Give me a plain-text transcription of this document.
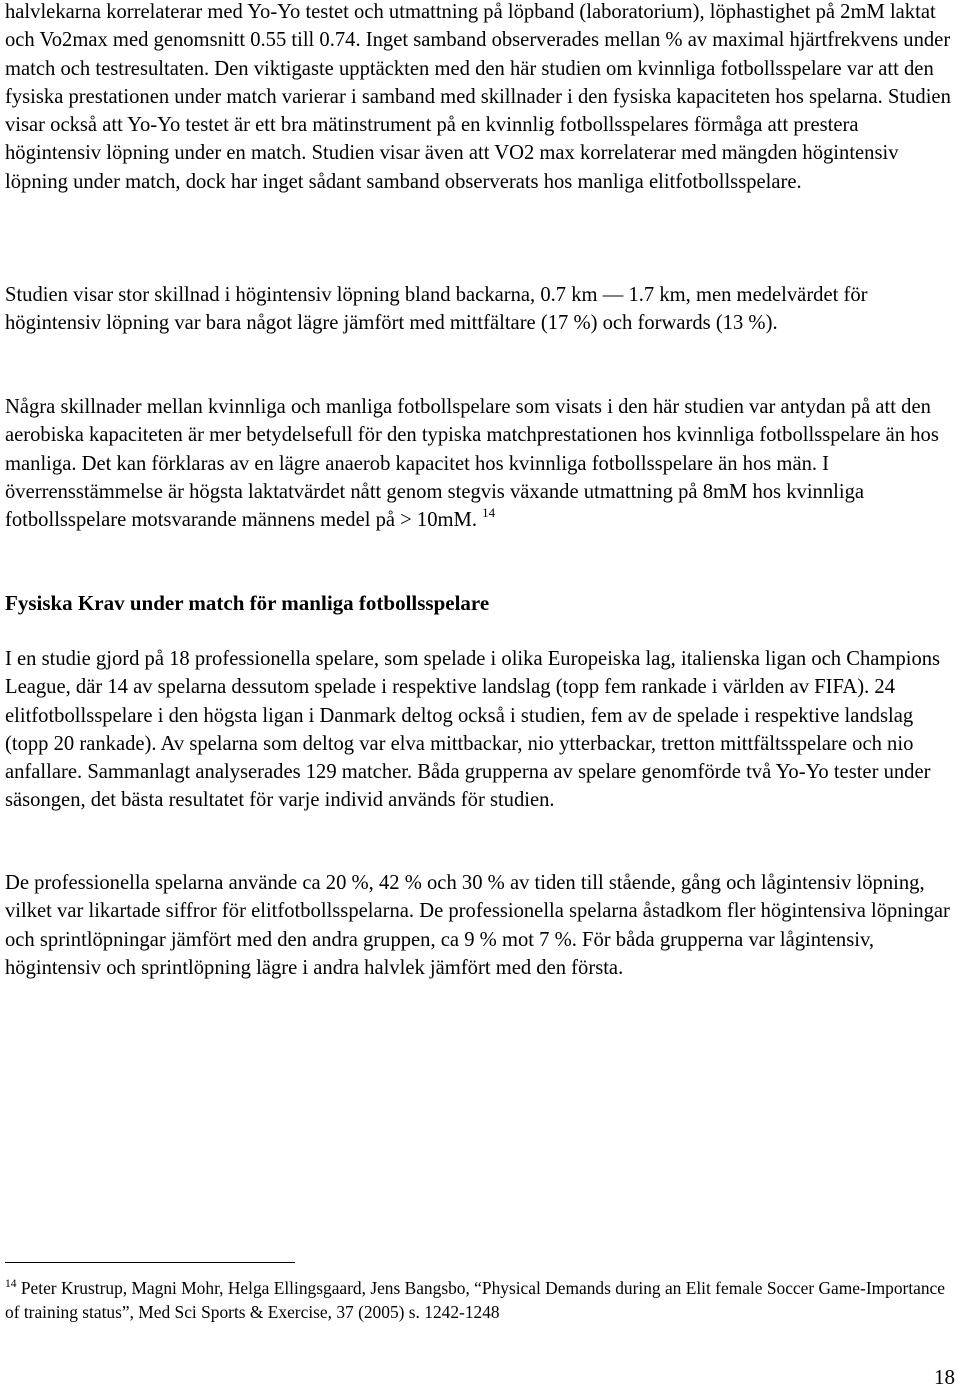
halvlekarna korrelaterar med Yo-Yo testet och utmattning på löpband (laboratorium), löphastighet på 2mM laktat och Vo2max med genomsnitt 0.55 till 0.74. Inget samband observerades mellan % av maximal hjärtfrekvens under match och testresultaten. Den viktigaste upptäckten med den här studien om kvinnliga fotbollsspelare var att den fysiska prestationen under match varierar i samband med skillnader i den fysiska kapaciteten hos spelarna. Studien visar också att Yo-Yo testet är ett bra mätinstrument på en kvinnlig fotbollsspelares förmåga att prestera högintensiv löpning under en match. Studien visar även att VO2 max korrelaterar med mängden högintensiv löpning under match, dock har inget sådant samband observerats hos manliga elitfotbollsspelare.

Studien visar stor skillnad i högintensiv löpning bland backarna, 0.7 km — 1.7 km, men medelvärdet för högintensiv löpning var bara något lägre jämfört med mittfältare (17 %) och forwards (13 %).

Några skillnader mellan kvinnliga och manliga fotbollspelare som visats i den här studien var antydan på att den aerobiska kapaciteten är mer betydelsefull för den typiska matchprestationen hos kvinnliga fotbollsspelare än hos manliga. Det kan förklaras av en lägre anaerob kapacitet hos kvinnliga fotbollsspelare än hos män. I överrensstämmelse är högsta laktatvärdet nått genom stegvis växande utmattning på 8mM hos kvinnliga fotbollsspelare motsvarande männens medel på > 10mM. $^{14}$

Fysiska Krav under match för manliga fotbollsspelare

I en studie gjord på 18 professionella spelare, som spelade i olika Europeiska lag, italienska ligan och Champions League, där 14 av spelarna dessutom spelade i respektive landslag (topp fem rankade i världen av FIFA). 24 elitfotbollsspelare i den högsta ligan i Danmark deltog också i studien, fem av de spelade i respektive landslag (topp 20 rankade). Av spelarna som deltog var elva mittbackar, nio ytterbackar, tretton mittfältsspelare och nio anfallare. Sammanlagt analyserades 129 matcher. Båda grupperna av spelare genomförde två Yo-Yo tester under säsongen, det bästa resultatet för varje individ används för studien.

De professionella spelarna använde ca 20 %, 42 % och 30 % av tiden till stående, gång och lågintensiv löpning, vilket var likartade siffror för elitfotbollsspelarna. De professionella spelarna åstadkom fler högintensiva löpningar och sprintlöpningar jämfört med den andra gruppen, ca 9 % mot 7 %. För båda grupperna var lågintensiv, högintensiv och sprintlöpning lägre i andra halvlek jämfört med den första.

$^{14}$ Peter Krustrup, Magni Mohr, Helga Ellingsgaard, Jens Bangsbo, “Physical Demands during an Elit female Soccer Game-Importance of training status”, Med Sci Sports & Exercise, 37 (2005) s. 1242-1248

18
